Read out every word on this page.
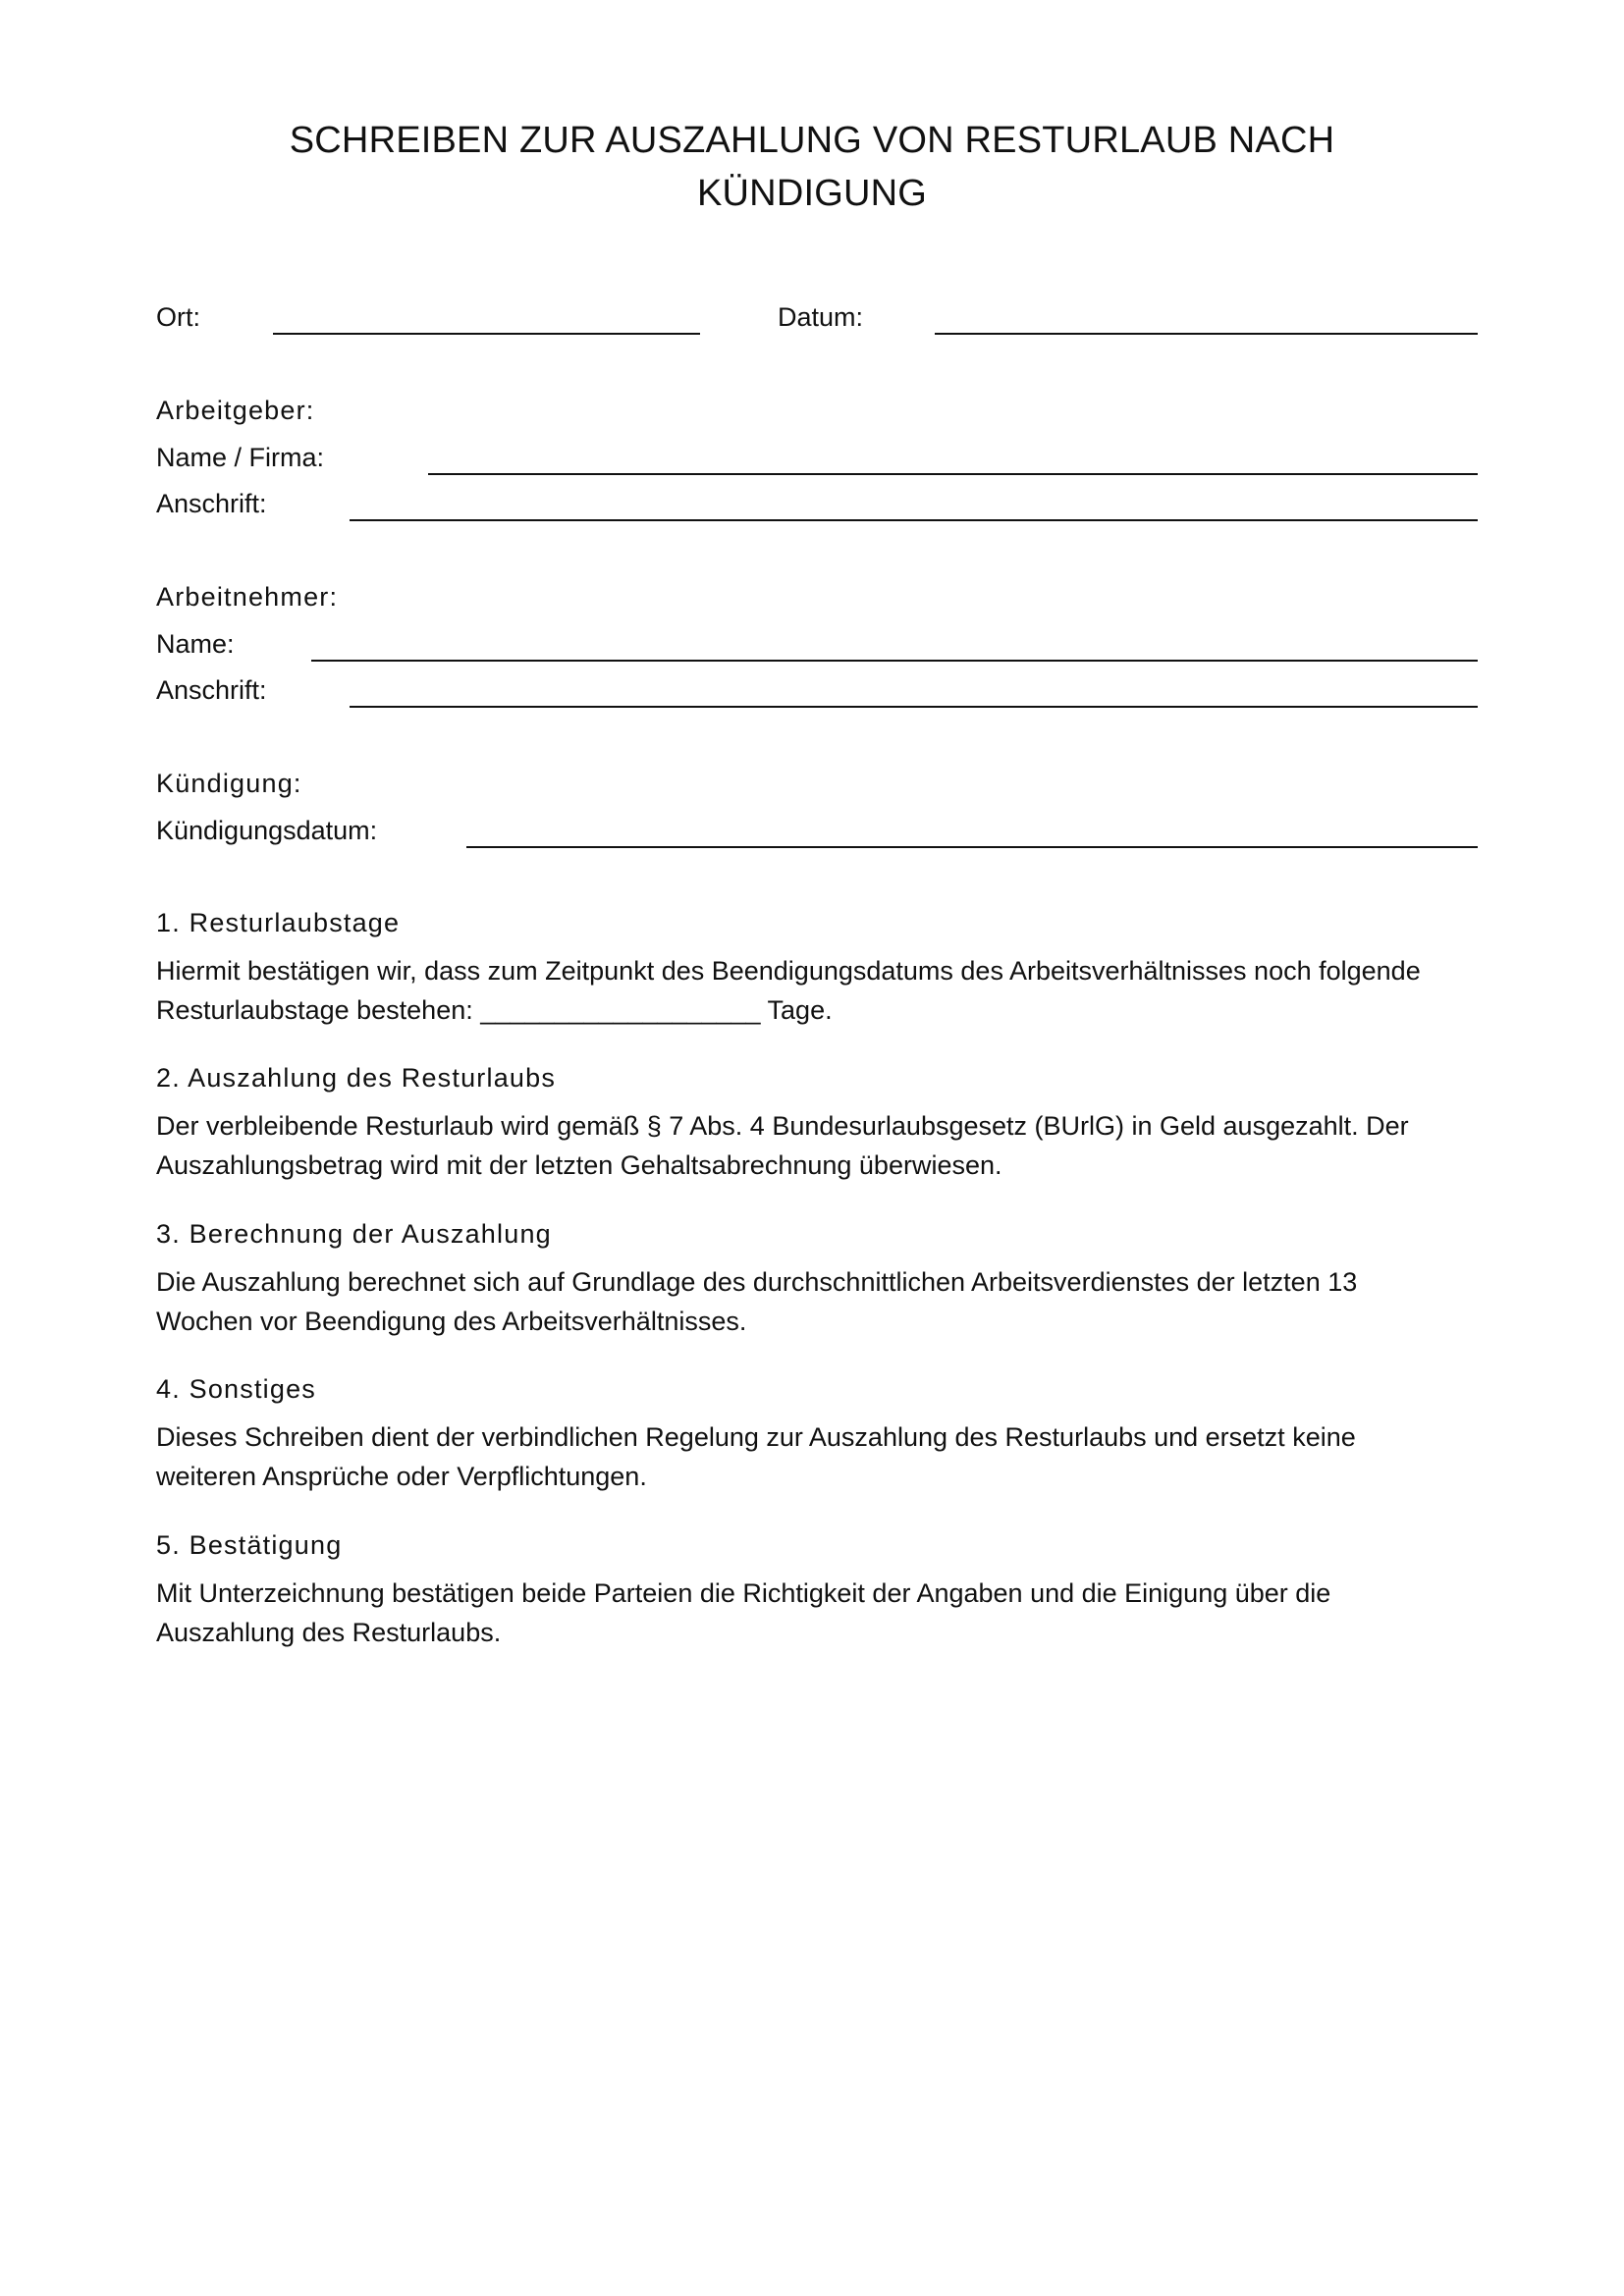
SCHREIBEN ZUR AUSZAHLUNG VON RESTURLAUB NACH
KÜNDIGUNG
Ort:	Datum:
Arbeitgeber:
Name / Firma:
Anschrift:
Arbeitnehmer:
Name:
Anschrift:
Kündigung:
Kündigungsdatum:
1. Resturlaubstage
Hiermit bestätigen wir, dass zum Zeitpunkt des Beendigungsdatums des Arbeitsverhältnisses noch folgende
Resturlaubstage bestehen: ___________________ Tage.
2. Auszahlung des Resturlaubs
Der verbleibende Resturlaub wird gemäß § 7 Abs. 4 Bundesurlaubsgesetz (BUrlG) in Geld ausgezahlt. Der
Auszahlungsbetrag wird mit der letzten Gehaltsabrechnung überwiesen.
3. Berechnung der Auszahlung
Die Auszahlung berechnet sich auf Grundlage des durchschnittlichen Arbeitsverdienstes der letzten 13
Wochen vor Beendigung des Arbeitsverhältnisses.
4. Sonstiges
Dieses Schreiben dient der verbindlichen Regelung zur Auszahlung des Resturlaubs und ersetzt keine
weiteren Ansprüche oder Verpflichtungen.
5. Bestätigung
Mit Unterzeichnung bestätigen beide Parteien die Richtigkeit der Angaben und die Einigung über die
Auszahlung des Resturlaubs.
